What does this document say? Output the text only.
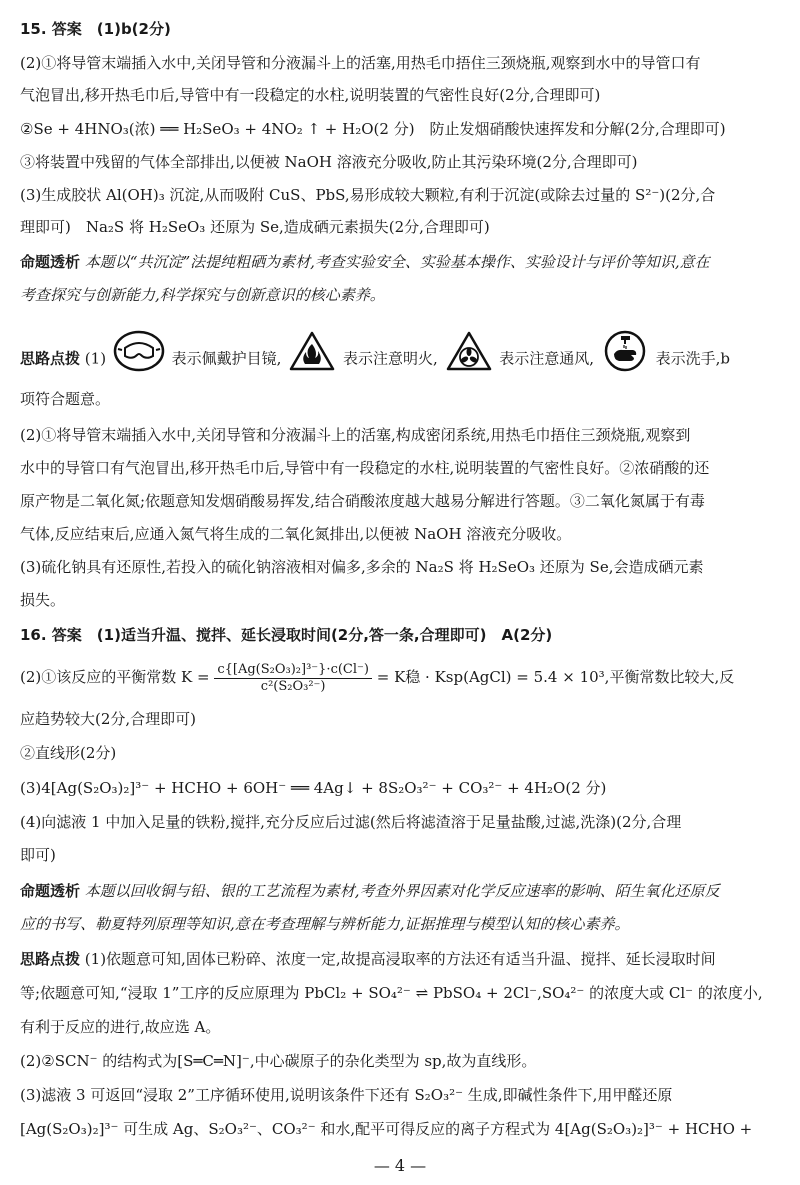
15. 答案　(1)b(2分)
(2)①将导管末端插入水中,关闭导管和分液漏斗上的活塞,用热毛巾捂住三颈烧瓶,观察到水中的导管口有
气泡冒出,移开热毛巾后,导管中有一段稳定的水柱,说明装置的气密性良好(2分,合理即可)
②Se + 4HNO₃(浓) ══ H₂SeO₃ + 4NO₂ ↑ + H₂O(2 分)　防止发烟硝酸快速挥发和分解(2分,合理即可)
③将装置中残留的气体全部排出,以便被 NaOH 溶液充分吸收,防止其污染环境(2分,合理即可)
(3)生成胶状 Al(OH)₃ 沉淀,从而吸附 CuS、PbS,易形成较大颗粒,有利于沉淀(或除去过量的 S²⁻)(2分,合
理即可)　Na₂S 将 H₂SeO₃ 还原为 Se,造成硒元素损失(2分,合理即可)
命题透析 本题以“共沉淀”法提纯粗硒为素材,考查实验安全、实验基本操作、实验设计与评价等知识,意在
考查探究与创新能力,科学探究与创新意识的核心素养。
思路点拨 (1)	表示佩戴护目镜,	表示注意明火,	表示注意通风,	表示洗手,b
项符合题意。
(2)①将导管末端插入水中,关闭导管和分液漏斗上的活塞,构成密闭系统,用热毛巾捂住三颈烧瓶,观察到
水中的导管口有气泡冒出,移开热毛巾后,导管中有一段稳定的水柱,说明装置的气密性良好。②浓硝酸的还
原产物是二氧化氮;依题意知发烟硝酸易挥发,结合硝酸浓度越大越易分解进行答题。③二氧化氮属于有毒
气体,反应结束后,应通入氮气将生成的二氧化氮排出,以便被 NaOH 溶液充分吸收。
(3)硫化钠具有还原性,若投入的硫化钠溶液相对偏多,多余的 Na₂S 将 H₂SeO₃ 还原为 Se,会造成硒元素
损失。
16. 答案　(1)适当升温、搅拌、延长浸取时间(2分,答一条,合理即可)　A(2分)
(2)①该反应的平衡常数 $K = \frac{\text{c\{[Ag(S₂O₃)₂]³⁻\}·c(Cl⁻)}}{\text{c²(S₂O₃²⁻)}} = K$稳 · Ksp(AgCl) = 5.4 × 10³,平衡常数比较大,反
应趋势较大(2分,合理即可)
②直线形(2分)
(3)4[Ag(S₂O₃)₂]³⁻ + HCHO + 6OH⁻ ══ 4Ag↓ + 8S₂O₃²⁻ + CO₃²⁻ + 4H₂O(2 分)
(4)向滤液 1 中加入足量的铁粉,搅拌,充分反应后过滤(然后将滤渣溶于足量盐酸,过滤,洗涤)(2分,合理
即可)
命题透析 本题以回收铜与铅、银的工艺流程为素材,考查外界因素对化学反应速率的影响、陌生氧化还原反
应的书写、勒夏特列原理等知识,意在考查理解与辨析能力,证据推理与模型认知的核心素养。
思路点拨 (1)依题意可知,固体已粉碎、浓度一定,故提高浸取率的方法还有适当升温、搅拌、延长浸取时间
等;依题意可知,“浸取 1”工序的反应原理为 PbCl₂ + SO₄²⁻ ⇌ PbSO₄ + 2Cl⁻,SO₄²⁻ 的浓度大或 Cl⁻ 的浓度小,
有利于反应的进行,故应选 A。
(2)②SCN⁻ 的结构式为[S═C═N]⁻,中心碳原子的杂化类型为 sp,故为直线形。
(3)滤液 3 可返回“浸取 2”工序循环使用,说明该条件下还有 S₂O₃²⁻ 生成,即碱性条件下,用甲醛还原
[Ag(S₂O₃)₂]³⁻ 可生成 Ag、S₂O₃²⁻、CO₃²⁻ 和水,配平可得反应的离子方程式为 4[Ag(S₂O₃)₂]³⁻ + HCHO +
— 4 —
